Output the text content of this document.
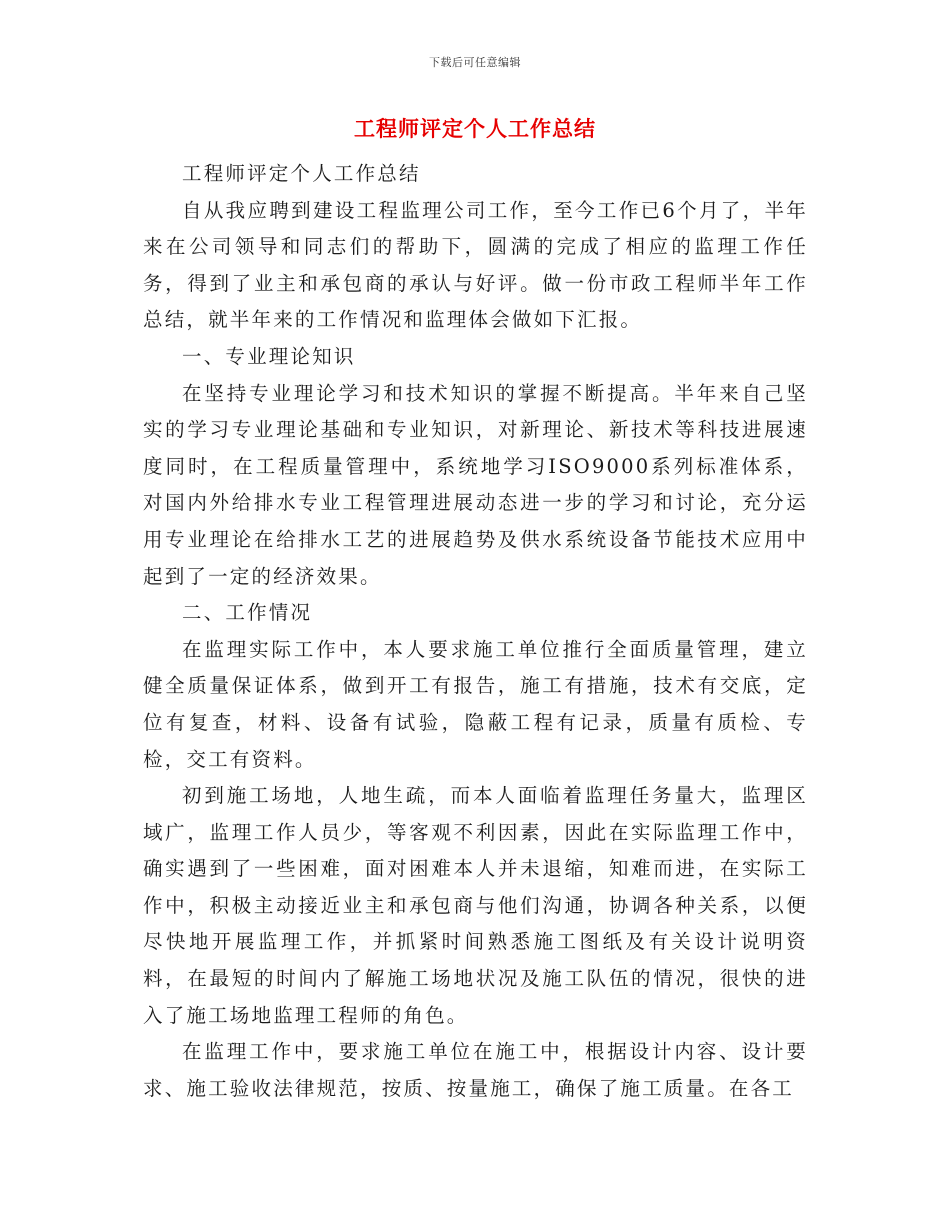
下载后可任意编辑
工程师评定个人工作总结

工程师评定个人工作总结

自从我应聘到建设工程监理公司工作，至今工作已6个月了，半年来在公司领导和同志们的帮助下，圆满的完成了相应的监理工作任务，得到了业主和承包商的承认与好评。做一份市政工程师半年工作总结，就半年来的工作情况和监理体会做如下汇报。

一、专业理论知识

在坚持专业理论学习和技术知识的掌握不断提高。半年来自己坚实的学习专业理论基础和专业知识，对新理论、新技术等科技进展速度同时，在工程质量管理中，系统地学习ISO9000系列标准体系，对国内外给排水专业工程管理进展动态进一步的学习和讨论，充分运用专业理论在给排水工艺的进展趋势及供水系统设备节能技术应用中起到了一定的经济效果。

二、工作情况

在监理实际工作中，本人要求施工单位推行全面质量管理，建立健全质量保证体系，做到开工有报告，施工有措施，技术有交底，定位有复查，材料、设备有试验，隐蔽工程有记录，质量有质检、专检，交工有资料。

初到施工场地，人地生疏，而本人面临着监理任务量大，监理区域广，监理工作人员少，等客观不利因素，因此在实际监理工作中，确实遇到了一些困难，面对困难本人并未退缩，知难而进，在实际工作中，积极主动接近业主和承包商与他们沟通，协调各种关系，以便尽快地开展监理工作，并抓紧时间熟悉施工图纸及有关设计说明资料，在最短的时间内了解施工场地状况及施工队伍的情况，很快的进入了施工场地监理工程师的角色。

在监理工作中，要求施工单位在施工中，根据设计内容、设计要求、施工验收法律规范，按质、按量施工，确保了施工质量。在各工
